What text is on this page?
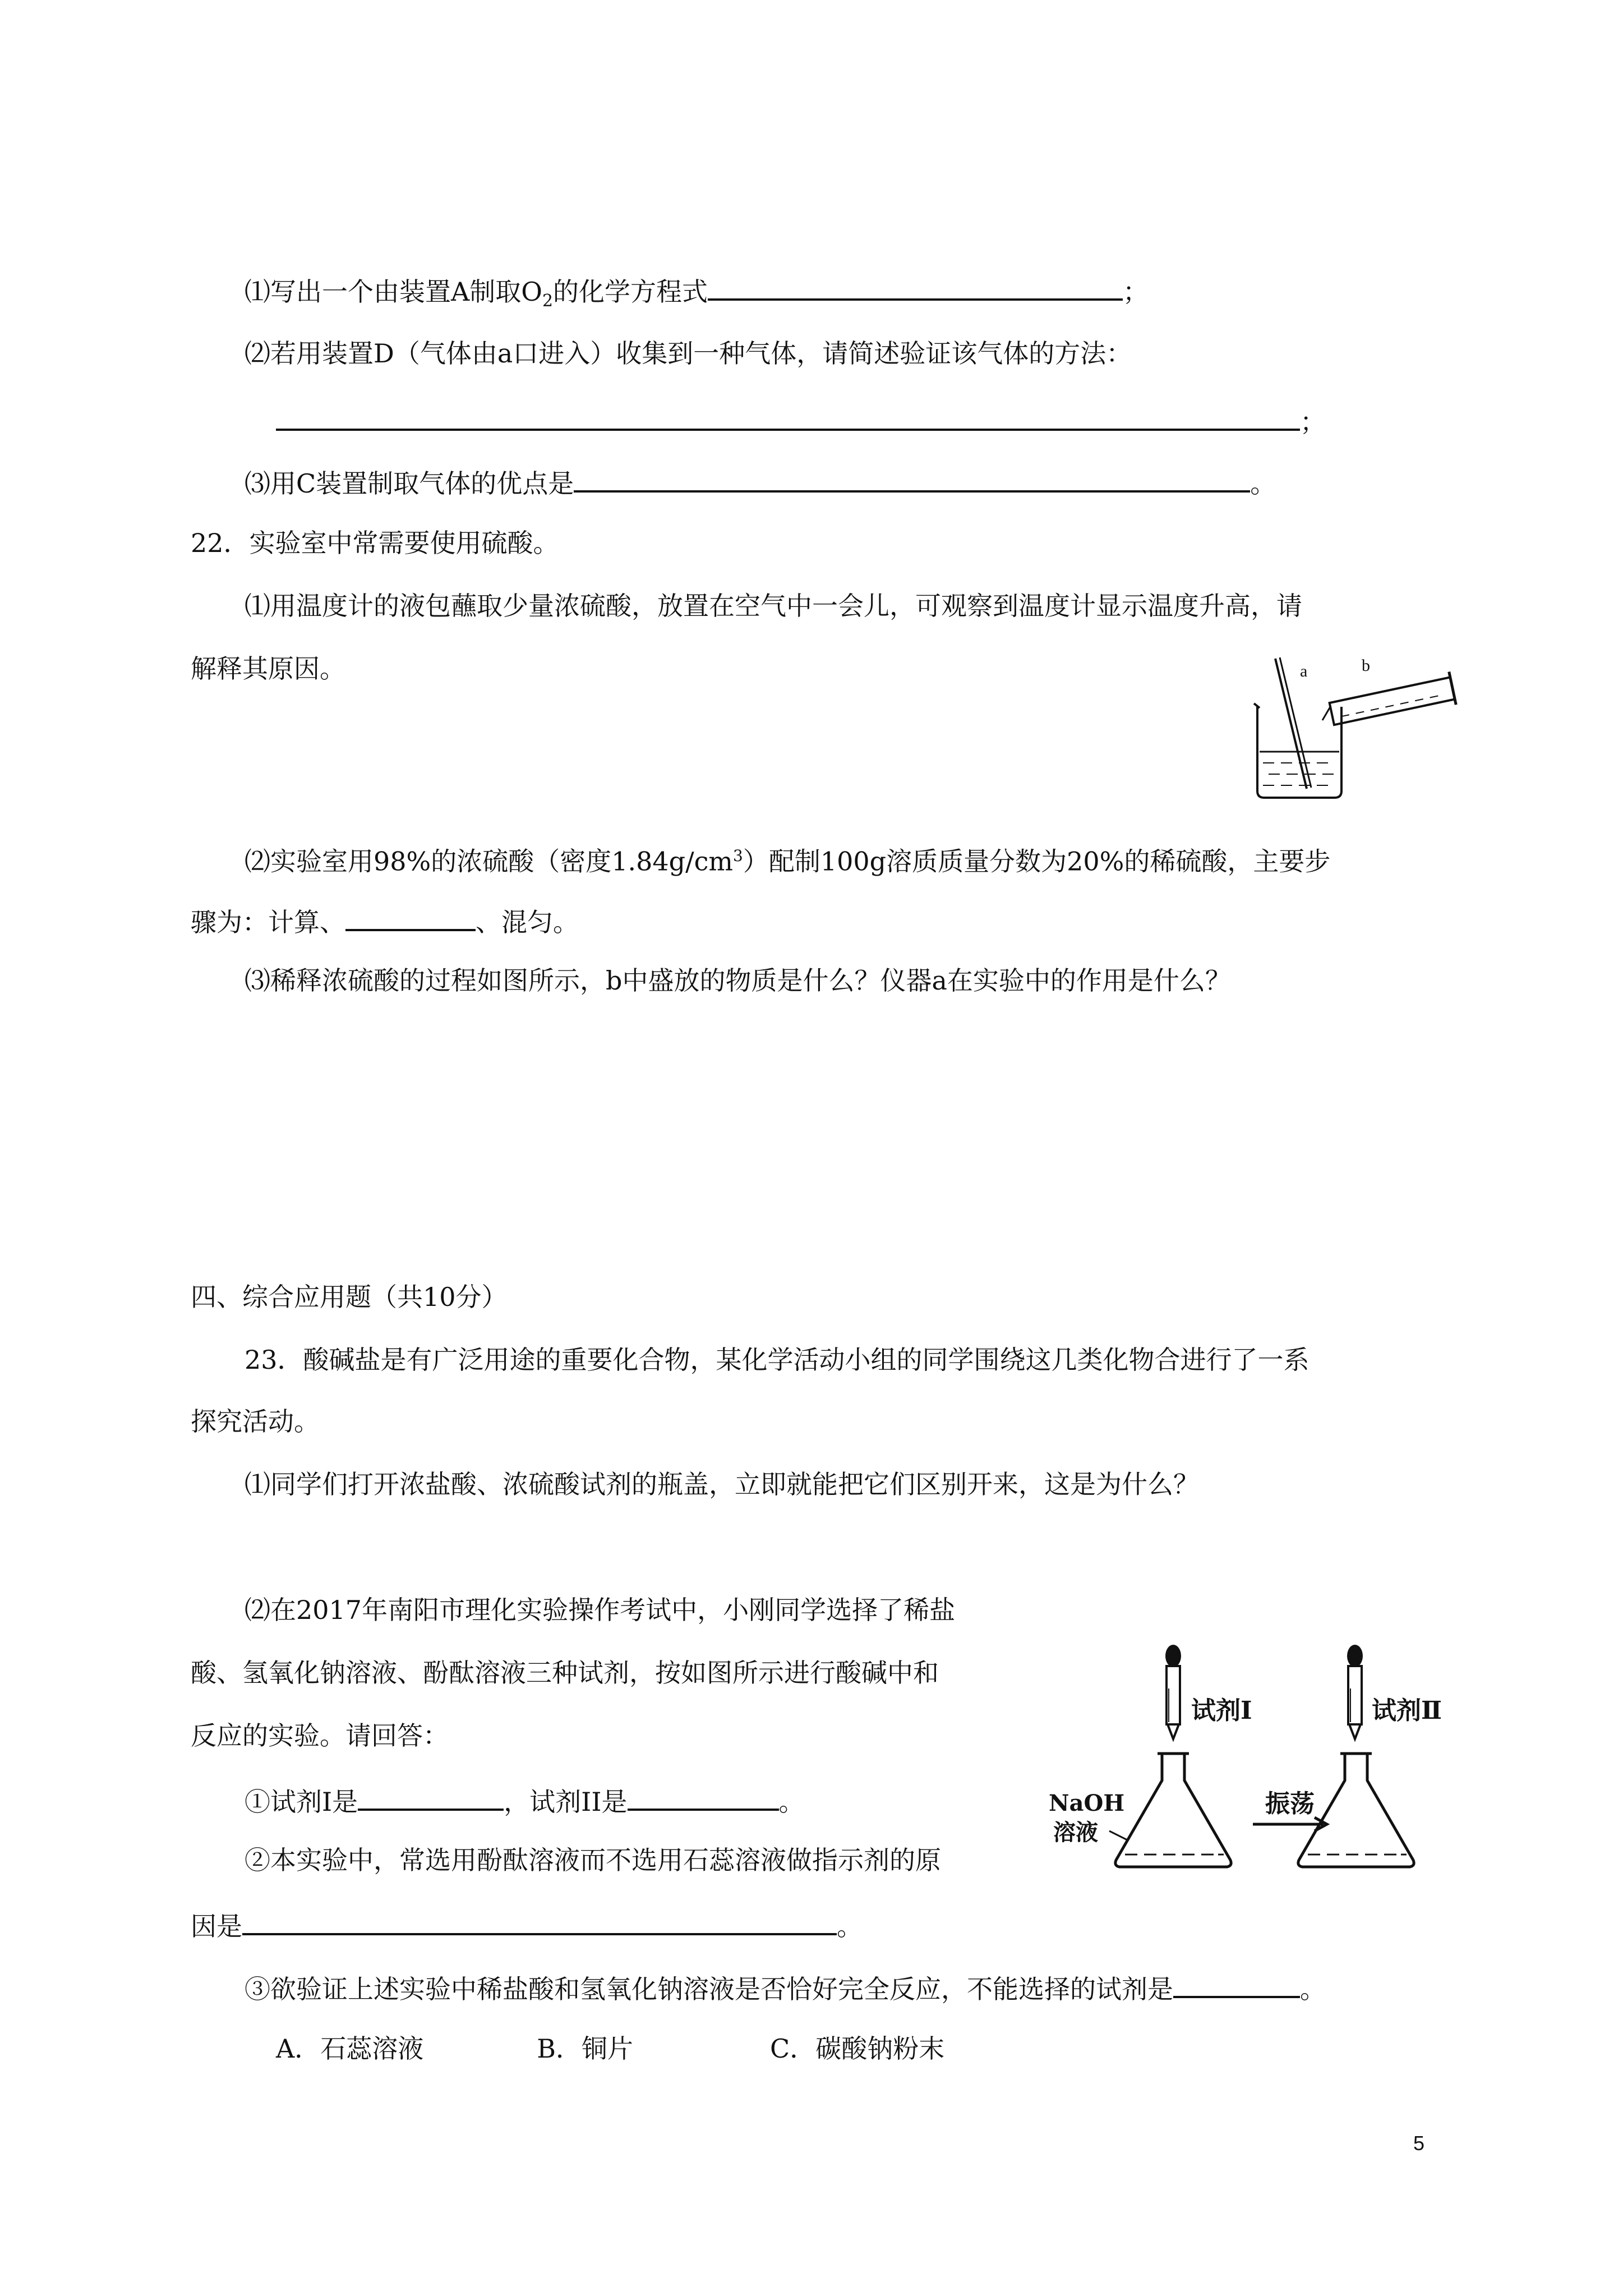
⑴写出一个由装置A制取$O_2$的化学方程式	；
⑵若用装置D（气体由a口进入）收集到一种气体，请简述验证该气体的方法：
；
⑶用C装置制取气体的优点是	。
22．实验室中常需要使用硫酸。
⑴用温度计的液包蘸取少量浓硫酸，放置在空气中一会儿，可观察到温度计显示温度升高，请
解释其原因。	a	b
⑵实验室用98%的浓硫酸（密度$1.84g/cm^3$）配制100g溶质质量分数为20%的稀硫酸，主要步
骤为：计算、	、混匀。
⑶稀释浓硫酸的过程如图所示，b中盛放的物质是什么？仪器a在实验中的作用是什么？
四、综合应用题（共10分）
23．酸碱盐是有广泛用途的重要化合物，某化学活动小组的同学围绕这几类化物合进行了一系
探究活动。
⑴同学们打开浓盐酸、浓硫酸试剂的瓶盖，立即就能把它们区别开来，这是为什么？
⑵在2017年南阳市理化实验操作考试中，小刚同学选择了稀盐
酸、氢氧化钠溶液、酚酞溶液三种试剂，按如图所示进行酸碱中和
反应的实验。请回答：
①试剂I是	，试剂II是	。
②本实验中，常选用酚酞溶液而不选用石蕊溶液做指示剂的原
因是	。
③欲验证上述实验中稀盐酸和氢氧化钠溶液是否恰好完全反应，不能选择的试剂是	。
A．石蕊溶液	B．铜片	C．碳酸钠粉末
试剂Ⅰ
NaOH
溶液
振荡
试剂Ⅱ
5
